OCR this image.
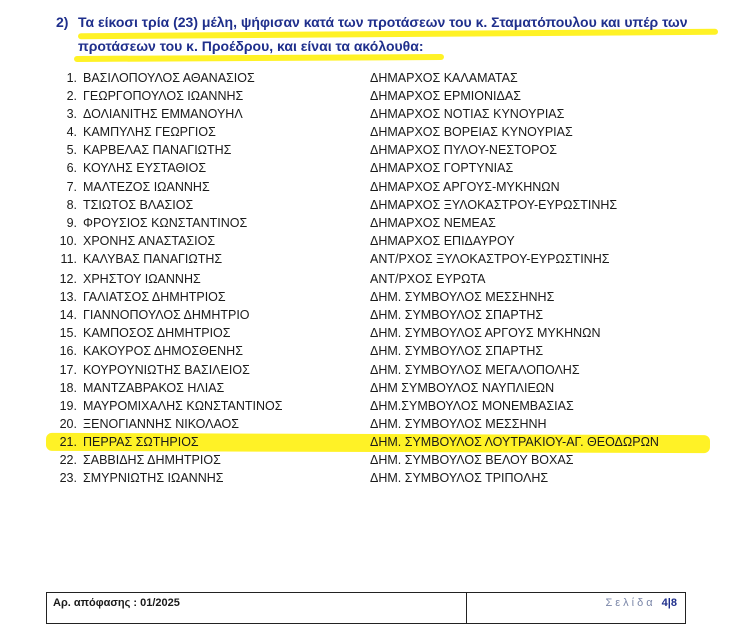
2) Τα είκοσι τρία (23) μέλη, ψήφισαν κατά των προτάσεων του κ. Σταματόπουλου και υπέρ των
προτάσεων του κ. Προέδρου, και είναι τα ακόλουθα:
1. ΒΑΣΙΛΟΠΟΥΛΟΣ ΑΘΑΝΑΣΙΟΣ	ΔΗΜΑΡΧΟΣ ΚΑΛΑΜΑΤΑΣ
2. ΓΕΩΡΓΟΠΟΥΛΟΣ ΙΩΑΝΝΗΣ	ΔΗΜΑΡΧΟΣ ΕΡΜΙΟΝΙΔΑΣ
3. ΔΟΛΙΑΝΙΤΗΣ ΕΜΜΑΝΟΥΗΛ	ΔΗΜΑΡΧΟΣ ΝΟΤΙΑΣ ΚΥΝΟΥΡΙΑΣ
4. ΚΑΜΠΥΛΗΣ ΓΕΩΡΓΙΟΣ	ΔΗΜΑΡΧΟΣ ΒΟΡΕΙΑΣ ΚΥΝΟΥΡΙΑΣ
5. ΚΑΡΒΕΛΑΣ ΠΑΝΑΓΙΩΤΗΣ	ΔΗΜΑΡΧΟΣ ΠΥΛΟΥ-ΝΕΣΤΟΡΟΣ
6. ΚΟΥΛΗΣ ΕΥΣΤΑΘΙΟΣ	ΔΗΜΑΡΧΟΣ ΓΟΡΤΥΝΙΑΣ
7. ΜΑΛΤΕΖΟΣ ΙΩΑΝΝΗΣ	ΔΗΜΑΡΧΟΣ ΑΡΓΟΥΣ-ΜΥΚΗΝΩΝ
8. ΤΣΙΩΤΟΣ ΒΛΑΣΙΟΣ	ΔΗΜΑΡΧΟΣ ΞΥΛΟΚΑΣΤΡΟΥ-ΕΥΡΩΣΤΙΝΗΣ
9. ΦΡΟΥΣΙΟΣ ΚΩΝΣΤΑΝΤΙΝΟΣ	ΔΗΜΑΡΧΟΣ ΝΕΜΕΑΣ
10. ΧΡΟΝΗΣ ΑΝΑΣΤΑΣΙΟΣ	ΔΗΜΑΡΧΟΣ ΕΠΙΔΑΥΡΟΥ
11. ΚΑΛΥΒΑΣ ΠΑΝΑΓΙΩΤΗΣ	ΑΝΤ/ΡΧΟΣ ΞΥΛΟΚΑΣΤΡΟΥ-ΕΥΡΩΣΤΙΝΗΣ
12. ΧΡΗΣΤΟΥ ΙΩΑΝΝΗΣ	ΑΝΤ/ΡΧΟΣ ΕΥΡΩΤΑ
13. ΓΑΛΙΑΤΣΟΣ ΔΗΜΗΤΡΙΟΣ	ΔΗΜ. ΣΥΜΒΟΥΛΟΣ ΜΕΣΣΗΝΗΣ
14. ΓΙΑΝΝΟΠΟΥΛΟΣ ΔΗΜΗΤΡΙΟ	ΔΗΜ. ΣΥΜΒΟΥΛΟΣ ΣΠΑΡΤΗΣ
15. ΚΑΜΠΟΣΟΣ ΔΗΜΗΤΡΙΟΣ	ΔΗΜ. ΣΥΜΒΟΥΛΟΣ ΑΡΓΟΥΣ ΜΥΚΗΝΩΝ
16. ΚΑΚΟΥΡΟΣ ΔΗΜΟΣΘΕΝΗΣ	ΔΗΜ. ΣΥΜΒΟΥΛΟΣ ΣΠΑΡΤΗΣ
17. ΚΟΥΡΟΥΝΙΩΤΗΣ ΒΑΣΙΛΕΙΟΣ	ΔΗΜ. ΣΥΜΒΟΥΛΟΣ ΜΕΓΑΛΟΠΟΛΗΣ
18. ΜΑΝΤΖΑΒΡΑΚΟΣ ΗΛΙΑΣ	ΔΗΜ ΣΥΜΒΟΥΛΟΣ ΝΑΥΠΛΙΕΩΝ
19. ΜΑΥΡΟΜΙΧΑΛΗΣ ΚΩΝΣΤΑΝΤΙΝΟΣ	ΔΗΜ.ΣΥΜΒΟΥΛΟΣ ΜΟΝΕΜΒΑΣΙΑΣ
20. ΞΕΝΟΓΙΑΝΝΗΣ ΝΙΚΟΛΑΟΣ	ΔΗΜ. ΣΥΜΒΟΥΛΟΣ ΜΕΣΣΗΝΗ
21. ΠΕΡΡΑΣ ΣΩΤΗΡΙΟΣ	ΔΗΜ. ΣΥΜΒΟΥΛΟΣ ΛΟΥΤΡΑΚΙΟΥ-ΑΓ. ΘΕΟΔΩΡΩΝ
22. ΣΑΒΒΙΔΗΣ ΔΗΜΗΤΡΙΟΣ	ΔΗΜ. ΣΥΜΒΟΥΛΟΣ ΒΕΛΟΥ ΒΟΧΑΣ
23. ΣΜΥΡΝΙΩΤΗΣ ΙΩΑΝΝΗΣ	ΔΗΜ. ΣΥΜΒΟΥΛΟΣ ΤΡΙΠΟΛΗΣ
Αρ. απόφασης : 01/2025	Σελίδα 4|8
